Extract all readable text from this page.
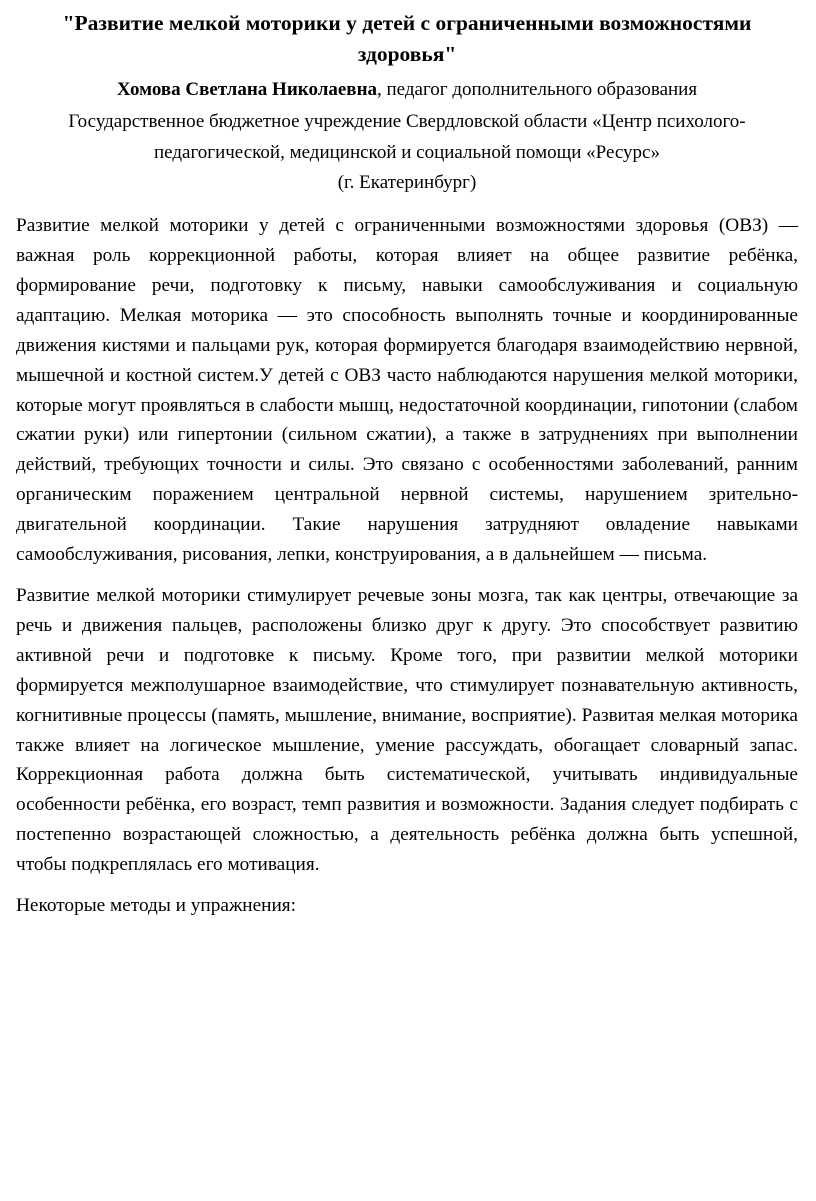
"Развитие мелкой моторики у детей с ограниченными возможностями здоровья"
Хомова Светлана Николаевна, педагог дополнительного образования
Государственное бюджетное учреждение Свердловской области «Центр психолого-педагогической, медицинской и социальной помощи «Ресурс»
(г. Екатеринбург)

Развитие мелкой моторики у детей с ограниченными возможностями здоровья (ОВЗ) — важная роль коррекционной работы, которая влияет на общее развитие ребёнка, формирование речи, подготовку к письму, навыки самообслуживания и социальную адаптацию. Мелкая моторика — это способность выполнять точные и координированные движения кистями и пальцами рук, которая формируется благодаря взаимодействию нервной, мышечной и костной систем.У детей с ОВЗ часто наблюдаются нарушения мелкой моторики, которые могут проявляться в слабости мышц, недостаточной координации, гипотонии (слабом сжатии руки) или гипертонии (сильном сжатии), а также в затруднениях при выполнении действий, требующих точности и силы. Это связано с особенностями заболеваний, ранним органическим поражением центральной нервной системы, нарушением зрительно-двигательной координации. Такие нарушения затрудняют овладение навыками самообслуживания, рисования, лепки, конструирования, а в дальнейшем — письма.

Развитие мелкой моторики стимулирует речевые зоны мозга, так как центры, отвечающие за речь и движения пальцев, расположены близко друг к другу. Это способствует развитию активной речи и подготовке к письму. Кроме того, при развитии мелкой моторики формируется межполушарное взаимодействие, что стимулирует познавательную активность, когнитивные процессы (память, мышление, внимание, восприятие). Развитая мелкая моторика также влияет на логическое мышление, умение рассуждать, обогащает словарный запас. Коррекционная работа должна быть систематической, учитывать индивидуальные особенности ребёнка, его возраст, темп развития и возможности. Задания следует подбирать с постепенно возрастающей сложностью, а деятельность ребёнка должна быть успешной, чтобы подкреплялась его мотивация.

Некоторые методы и упражнения:
